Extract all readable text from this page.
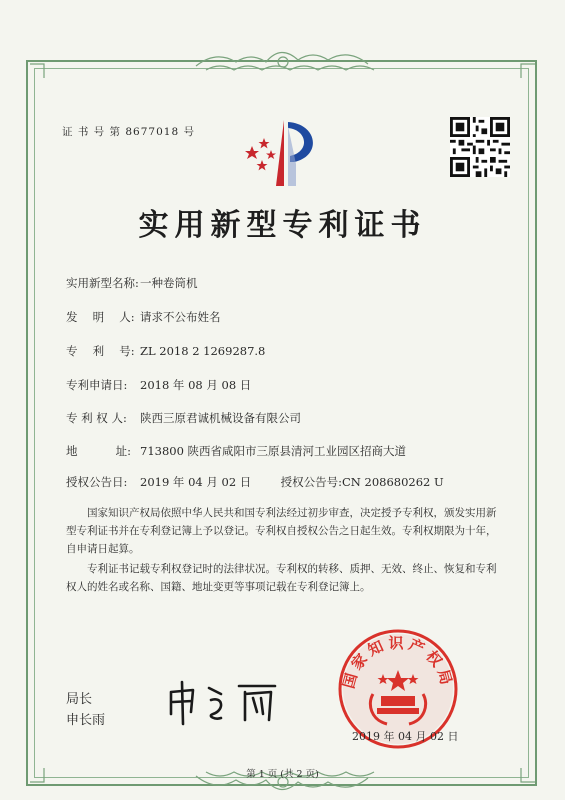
证 书 号 第 8677018 号
实用新型专利证书
实用新型名称:一种卷筒机
发　 明　 人: 请求不公布姓名
专　 利　 号: ZL 2018 2 1269287.8
专利申请日: 2018 年 08 月 08 日
专 利 权 人: 陕西三原君诚机械设备有限公司
地　　　 址: 713800 陕西省咸阳市三原县清河工业园区招商大道
授权公告日: 2019 年 04 月 02 日	授权公告号:CN 208680262 U
国家知识产权局依照中华人民共和国专利法经过初步审查，决定授予专利权，颁发实用新型专利证书并在专利登记簿上予以登记。专利权自授权公告之日起生效。专利权期限为十年，自申请日起算。
专利证书记载专利权登记时的法律状况。专利权的转移、质押、无效、终止、恢复和专利权人的姓名或名称、国籍、地址变更等事项记载在专利登记簿上。
局长
申长雨
国家知识产权局
2019 年 04 月 02 日
第 1 页 (共 2 页)
